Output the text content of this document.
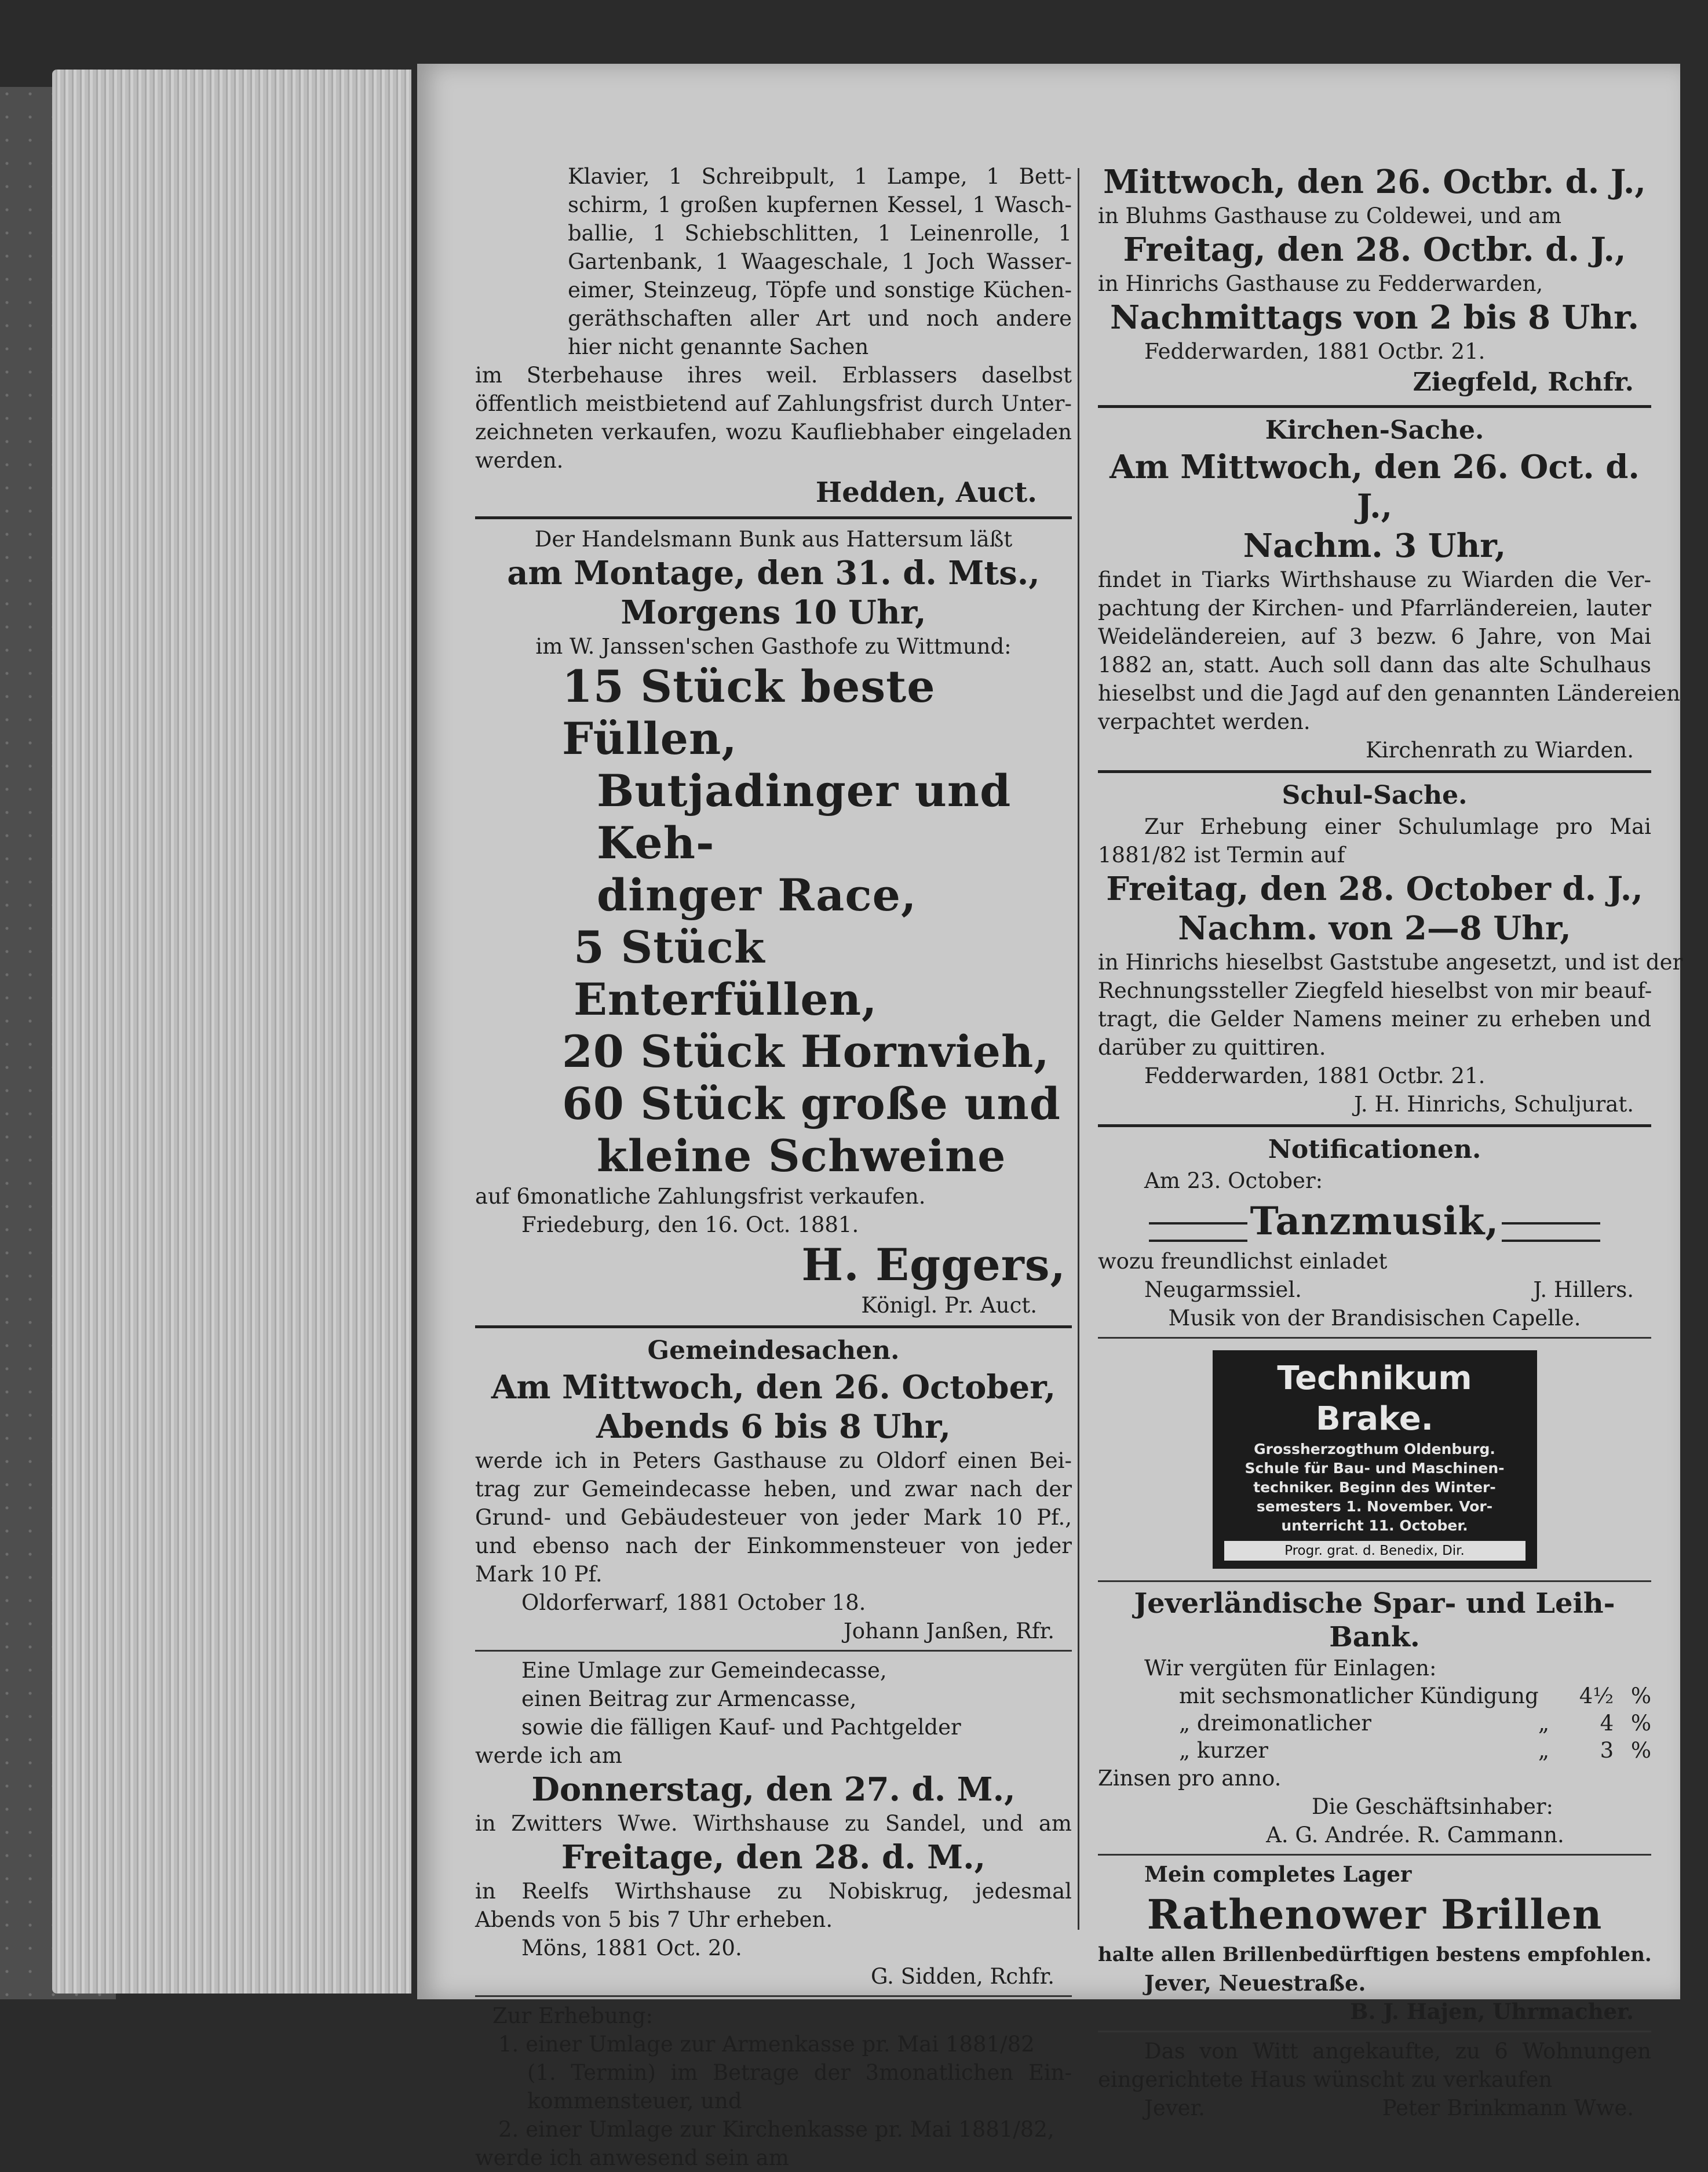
Klavier, 1 Schreibpult, 1 Lampe, 1 Bett-
schirm, 1 großen kupfernen Kessel, 1 Wasch-
ballie, 1 Schiebschlitten, 1 Leinenrolle, 1
Gartenbank, 1 Waageschale, 1 Joch Wasser-
eimer, Steinzeug, Töpfe und sonstige Küchen-
geräthschaften aller Art und noch andere
hier nicht genannte Sachen
im Sterbehause ihres weil. Erblassers daselbst
öffentlich meistbietend auf Zahlungsfrist durch Unter-
zeichneten verkaufen, wozu Kaufliebhaber eingeladen
werden.
Hedden, Auct.
Der Handelsmann Bunk aus Hattersum läßt
am Montage, den 31. d. Mts.,
Morgens 10 Uhr,
im W. Janssen'schen Gasthofe zu Wittmund:
15 Stück beste Füllen,
Butjadinger und Keh-
dinger Race,
5 Stück Enterfüllen,
20 Stück Hornvieh,
60 Stück große und
kleine Schweine
auf 6monatliche Zahlungsfrist verkaufen.
Friedeburg, den 16. Oct. 1881.
H. Eggers,
Königl. Pr. Auct.
Gemeindesachen.
Am Mittwoch, den 26. October,
Abends 6 bis 8 Uhr,
werde ich in Peters Gasthause zu Oldorf einen Bei-
trag zur Gemeindecasse heben, und zwar nach der
Grund- und Gebäudesteuer von jeder Mark 10 Pf.,
und ebenso nach der Einkommensteuer von jeder
Mark 10 Pf.
Oldorferwarf, 1881 October 18.
Johann Janßen, Rfr.
Eine Umlage zur Gemeindecasse,
einen Beitrag zur Armencasse,
sowie die fälligen Kauf- und Pachtgelder
werde ich am
Donnerstag, den 27. d. M.,
in Zwitters Wwe. Wirthshause zu Sandel, und am
Freitage, den 28. d. M.,
in Reelfs Wirthshause zu Nobiskrug, jedesmal
Abends von 5 bis 7 Uhr erheben.
Möns, 1881 Oct. 20.
G. Sidden, Rchfr.
Zur Erhebung:
1. einer Umlage zur Armenkasse pr. Mai 1881/82
(1. Termin) im Betrage der 3monatlichen Ein-
kommensteuer, und
2. einer Umlage zur Kirchenkasse pr. Mai 1881/82,
werde ich anwesend sein am
Mittwoch, den 26. Octbr. d. J.,
in Bluhms Gasthause zu Coldewei, und am
Freitag, den 28. Octbr. d. J.,
in Hinrichs Gasthause zu Fedderwarden,
Nachmittags von 2 bis 8 Uhr.
Fedderwarden, 1881 Octbr. 21.
Ziegfeld, Rchfr.
Kirchen-Sache.
Am Mittwoch, den 26. Oct. d. J.,
Nachm. 3 Uhr,
findet in Tiarks Wirthshause zu Wiarden die Ver-
pachtung der Kirchen- und Pfarrländereien, lauter
Weideländereien, auf 3 bezw. 6 Jahre, von Mai
1882 an, statt. Auch soll dann das alte Schulhaus
hieselbst und die Jagd auf den genannten Ländereien
verpachtet werden.
Kirchenrath zu Wiarden.
Schul-Sache.
Zur Erhebung einer Schulumlage pro Mai
1881/82 ist Termin auf
Freitag, den 28. October d. J.,
Nachm. von 2—8 Uhr,
in Hinrichs hieselbst Gaststube angesetzt, und ist der
Rechnungssteller Ziegfeld hieselbst von mir beauf-
tragt, die Gelder Namens meiner zu erheben und
darüber zu quittiren.
Fedderwarden, 1881 Octbr. 21.
J. H. Hinrichs, Schuljurat.
Notificationen.
Am 23. October:
Tanzmusik,
wozu freundlichst einladet
Neugarmssiel.	J. Hillers.
Musik von der Brandisischen Capelle.
Technikum Brake.
Grossherzogthum Oldenburg.
Schule für Bau- und Maschinen-
techniker. Beginn des Winter-
semesters 1. November. Vor-
unterricht 11. October.
Progr. grat. d. Benedix, Dir.
Jeverländische Spar- und Leih-Bank.
Wir vergüten für Einlagen:
mit sechsmonatlicher Kündigung	4½ %
„ dreimonatlicher	„	4 %
„ kurzer	„	3 %
Zinsen pro anno.
Die Geschäftsinhaber:
A. G. Andrée. R. Cammann.
Mein completes Lager
Rathenower Brillen
halte allen Brillenbedürftigen bestens empfohlen.
Jever, Neuestraße.
B. J. Hajen, Uhrmacher.
Das von Witt angekaufte, zu 6 Wohnungen
eingerichtete Haus wünscht zu verkaufen
Jever.	Peter Brinkmann Wwe.
